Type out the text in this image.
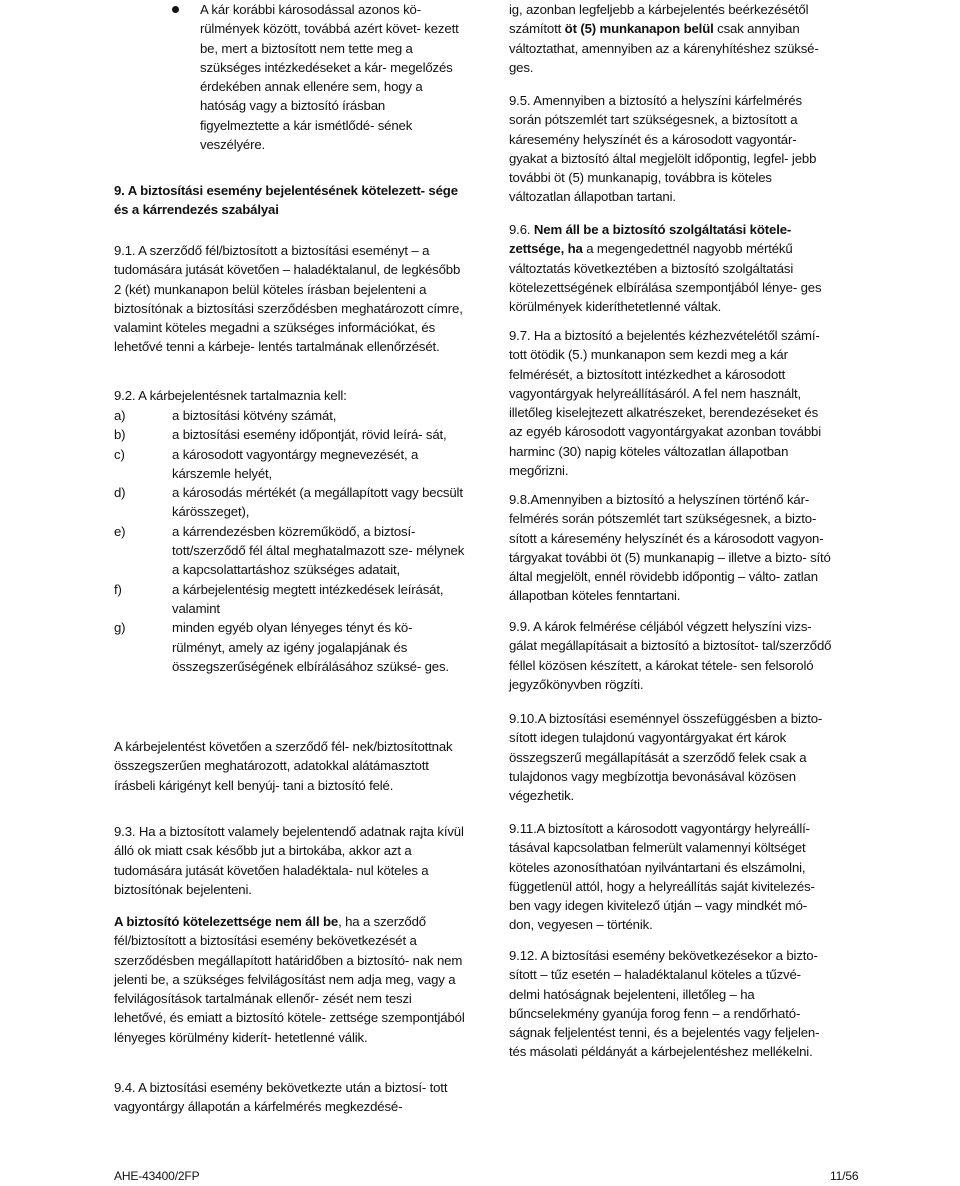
A kár korábbi károsodással azonos kö- rülmények között, továbbá azért követ- kezett be, mert a biztosított nem tette meg a szükséges intézkedéseket a kár- megelőzés érdekében annak ellenére sem, hogy a hatóság vagy a biztosító írásban figyelmeztette a kár ismétlődé- sének veszélyére.

9. A biztosítási esemény bejelentésének kötelezett- sége és a kárrendezés szabályai

9.1. A szerződő fél/biztosított a biztosítási eseményt – a tudomására jutását követően – haladéktalanul, de legkésőbb 2 (két) munkanapon belül köteles írásban bejelenteni a biztosítónak a biztosítási szerződésben meghatározott címre, valamint köteles megadni a szükséges információkat, és lehetővé tenni a kárbeje- lentés tartalmának ellenőrzését.

9.2. A kárbejelentésnek tartalmaznia kell:

a)	a biztosítási kötvény számát,
b)	a biztosítási esemény időpontját, rövid leírá- sát,
c)	a károsodott vagyontárgy megnevezését, a kárszemle helyét,
d)	a károsodás mértékét (a megállapított vagy becsült kárösszeget),
e)	a kárrendezésben közreműködő, a biztosí- tott/szerződő fél által meghatalmazott sze- mélynek a kapcsolattartáshoz szükséges adatait,
f)	a kárbejelentésig megtett intézkedések leírását, valamint
g)	minden egyéb olyan lényeges tényt és kö- rülményt, amely az igény jogalapjának és összegszerűségének elbírálásához szüksé- ges.

A kárbejelentést követően a szerződő fél- nek/biztosítottnak összegszerűen meghatározott, adatokkal alátámasztott írásbeli kárigényt kell benyúj- tani a biztosító felé.

9.3. Ha a biztosított valamely bejelentendő adatnak rajta kívül álló ok miatt csak később jut a birtokába, akkor azt a tudomására jutását követően haladéktala- nul köteles a biztosítónak bejelenteni.

A biztosító kötelezettsége nem áll be, ha a szerződő fél/biztosított a biztosítási esemény bekövetkezését a szerződésben megállapított határidőben a biztosító- nak nem jelenti be, a szükséges felvilágosítást nem adja meg, vagy a felvilágosítások tartalmának ellenőr- zését nem teszi lehetővé, és emiatt a biztosító kötele- zettsége szempontjából lényeges körülmény kiderít- hetetlenné válik.

9.4. A biztosítási esemény bekövetkezte után a biztosí- tott vagyontárgy állapotán a kárfelmérés megkezdésé-

ig, azonban legfeljebb a kárbejelentés beérkezésétől számított öt (5) munkanapon belül csak annyiban változtathat, amennyiben az a kárenyhítéshez szüksé- ges.

9.5. Amennyiben a biztosító a helyszíni kárfelmérés során pótszemlét tart szükségesnek, a biztosított a káresemény helyszínét és a károsodott vagyontár- gyakat a biztosító által megjelölt időpontig, legfel- jebb további öt (5) munkanapig, továbbra is köteles változatlan állapotban tartani.

9.6. Nem áll be a biztosító szolgáltatási kötele- zettsége, ha a megengedettnél nagyobb mértékű változtatás következtében a biztosító szolgáltatási kötelezettségének elbírálása szempontjából lénye- ges körülmények kideríthetetlenné váltak.

9.7. Ha a biztosító a bejelentés kézhezvételétől számí- tott ötödik (5.) munkanapon sem kezdi meg a kár felmérését, a biztosított intézkedhet a károsodott vagyontárgyak helyreállításáról. A fel nem használt, illetőleg kiselejtezett alkatrészeket, berendezéseket és az egyéb károsodott vagyontárgyakat azonban további harminc (30) napig köteles változatlan állapotban megőrizni.

9.8.Amennyiben a biztosító a helyszínen történő kár- felmérés során pótszemlét tart szükségesnek, a bizto- sított a káresemény helyszínét és a károsodott vagyon- tárgyakat további öt (5) munkanapig – illetve a bizto- sító által megjelölt, ennél rövidebb időpontig – válto- zatlan állapotban köteles fenntartani.

9.9. A károk felmérése céljából végzett helyszíni vizs- gálat megállapításait a biztosító a biztosítot- tal/szerződő féllel közösen készített, a károkat tétele- sen felsoroló jegyzőkönyvben rögzíti.

9.10.A biztosítási eseménnyel összefüggésben a bizto- sított idegen tulajdonú vagyontárgyakat ért károk összegszerű megállapítását a szerződő felek csak a tulajdonos vagy megbízottja bevonásával közösen végezhetik.

9.11.A biztosított a károsodott vagyontárgy helyreállí- tásával kapcsolatban felmerült valamennyi költséget köteles azonosíthatóan nyilvántartani és elszámolni, függetlenül attól, hogy a helyreállítás saját kivitelezés- ben vagy idegen kivitelező útján – vagy mindkét mó- don, vegyesen – történik.

9.12. A biztosítási esemény bekövetkezésekor a bizto- sított – tűz esetén – haladéktalanul köteles a tűzvé- delmi hatóságnak bejelenteni, illetőleg – ha bűncselekmény gyanúja forog fenn – a rendőrható- ságnak feljelentést tenni, és a bejelentés vagy feljelen- tés másolati példányát a kárbejelentéshez mellékelni.

AHE-43400/2FP	11/56
